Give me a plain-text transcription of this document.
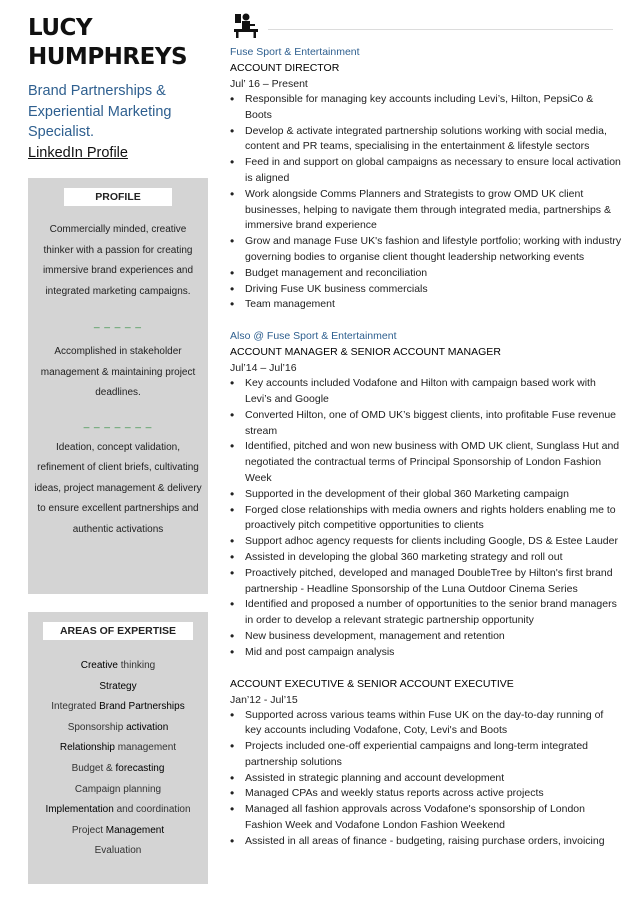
LUCY
HUMPHREYS
Brand Partnerships &
Experiential Marketing
Specialist.
LinkedIn Profile
PROFILE
Commercially minded, creative thinker with a passion for creating immersive brand experiences and integrated marketing campaigns.
_ _ _ _ _
Accomplished in stakeholder management & maintaining project deadlines.
_ _ _ _ _ _ _
Ideation, concept validation, refinement of client briefs, cultivating ideas, project management & delivery to ensure excellent partnerships and authentic activations
AREAS OF EXPERTISE
Creative thinking
Strategy
Integrated Brand Partnerships
Sponsorship activation
Relationship management
Budget & forecasting
Campaign planning
Implementation and coordination
Project Management
Evaluation
Fuse Sport & Entertainment
ACCOUNT DIRECTOR
Jul’ 16 – Present
• Responsible for managing key accounts including Levi’s, Hilton, PepsiCo & Boots
• Develop & activate integrated partnership solutions working with social media, content and PR teams, specialising in the entertainment & lifestyle sectors
• Feed in and support on global campaigns as necessary to ensure local activation is aligned
• Work alongside Comms Planners and Strategists to grow OMD UK client businesses, helping to navigate them through integrated media, partnerships & immersive brand experience
• Grow and manage Fuse UK's fashion and lifestyle portfolio; working with industry governing bodies to organise client thought leadership networking events
• Budget management and reconciliation
• Driving Fuse UK business commercials
• Team management
Also @ Fuse Sport & Entertainment
ACCOUNT MANAGER & SENIOR ACCOUNT MANAGER
Jul’14 – Jul’16
• Key accounts included Vodafone and Hilton with campaign based work with Levi’s and Google
• Converted Hilton, one of OMD UK’s biggest clients, into profitable Fuse revenue stream
• Identified, pitched and won new business with OMD UK client, Sunglass Hut and negotiated the contractual terms of Principal Sponsorship of London Fashion Week
• Supported in the development of their global 360 Marketing campaign
• Forged close relationships with media owners and rights holders enabling me to proactively pitch competitive opportunities to clients
• Support adhoc agency requests for clients including Google, DS & Estee Lauder
• Assisted in developing the global 360 marketing strategy and roll out
• Proactively pitched, developed and managed DoubleTree by Hilton's first brand partnership - Headline Sponsorship of the Luna Outdoor Cinema Series
• Identified and proposed a number of opportunities to the senior brand managers in order to develop a relevant strategic partnership opportunity
• New business development, management and retention
• Mid and post campaign analysis
ACCOUNT EXECUTIVE & SENIOR ACCOUNT EXECUTIVE
Jan’12 - Jul’15
• Supported across various teams within Fuse UK on the day-to-day running of key accounts including Vodafone, Coty, Levi's and Boots
• Projects included one-off experiential campaigns and long-term integrated partnership solutions
• Assisted in strategic planning and account development
• Managed CPAs and weekly status reports across active projects
• Managed all fashion approvals across Vodafone's sponsorship of London Fashion Week and Vodafone London Fashion Weekend
• Assisted in all areas of finance - budgeting, raising purchase orders, invoicing
